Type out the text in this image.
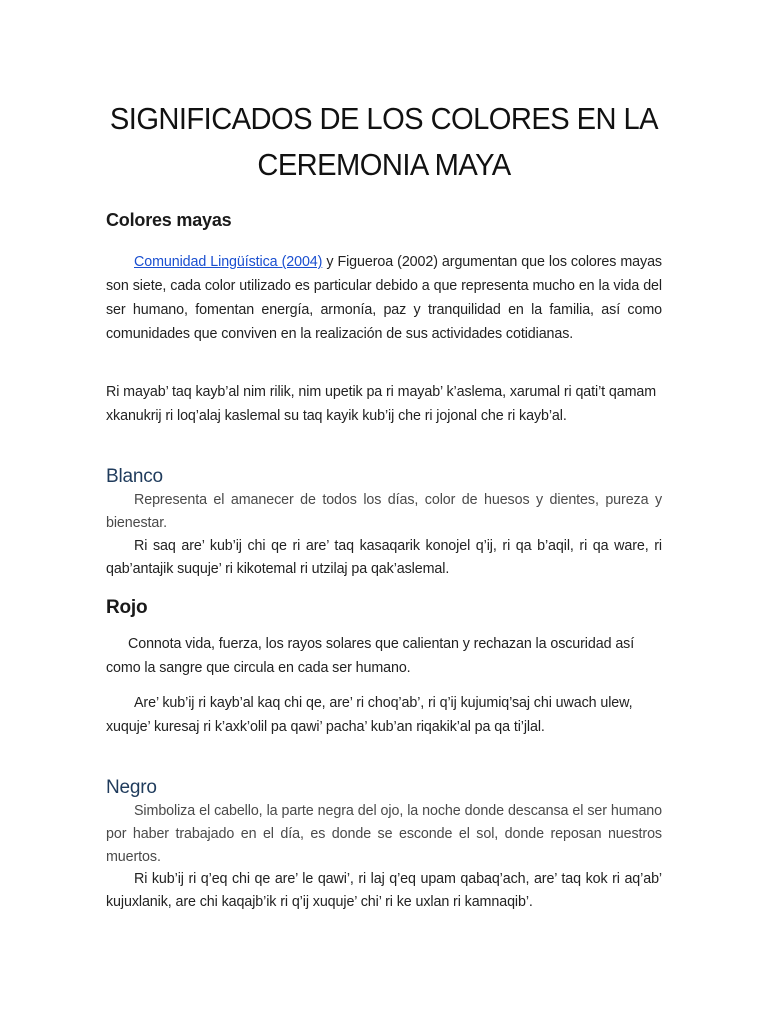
SIGNIFICADOS DE LOS COLORES EN LA
CEREMONIA MAYA
Colores mayas
Comunidad Lingüística (2004) y Figueroa (2002) argumentan que los colores mayas son siete, cada color utilizado es particular debido a que representa mucho en la vida del ser humano, fomentan energía, armonía, paz y tranquilidad en la familia, así como comunidades que conviven en la realización de sus actividades cotidianas.
Ri mayab’ taq kayb’al nim rilik, nim upetik pa ri mayab’ k’aslema, xarumal ri qati’t qamam xkanukrij ri loq’alaj kaslemal su taq kayik kub’ij che ri jojonal che ri kayb’al.
Blanco
Representa el amanecer de todos los días, color de huesos y dientes, pureza y bienestar.
Ri saq are’ kub’ij chi qe ri are’ taq kasaqarik konojel q’ij, ri qa b’aqil, ri qa ware, ri qab’antajik suquje’ ri kikotemal ri utzilaj pa qak’aslemal.
Rojo
Connota vida, fuerza, los rayos solares que calientan y rechazan la oscuridad así como la sangre que circula en cada ser humano.
Are’ kub’ij ri kayb’al kaq chi qe, are’ ri choq’ab’, ri q’ij kujumiq’saj chi uwach ulew, xuquje’ kuresaj ri k’axk’olil pa qawi’ pacha’ kub’an riqakik’al pa qa ti’jlal.
Negro
Simboliza el cabello, la parte negra del ojo, la noche donde descansa el ser humano por haber trabajado en el día, es donde se esconde el sol, donde reposan nuestros muertos.
Ri kub’ij ri q’eq chi qe are’ le qawi’, ri laj q’eq upam qabaq’ach, are’ taq kok ri aq’ab’ kujuxlanik, are chi kaqajb’ik ri q’ij xuquje’ chi’ ri ke uxlan ri kamnaqib’.
